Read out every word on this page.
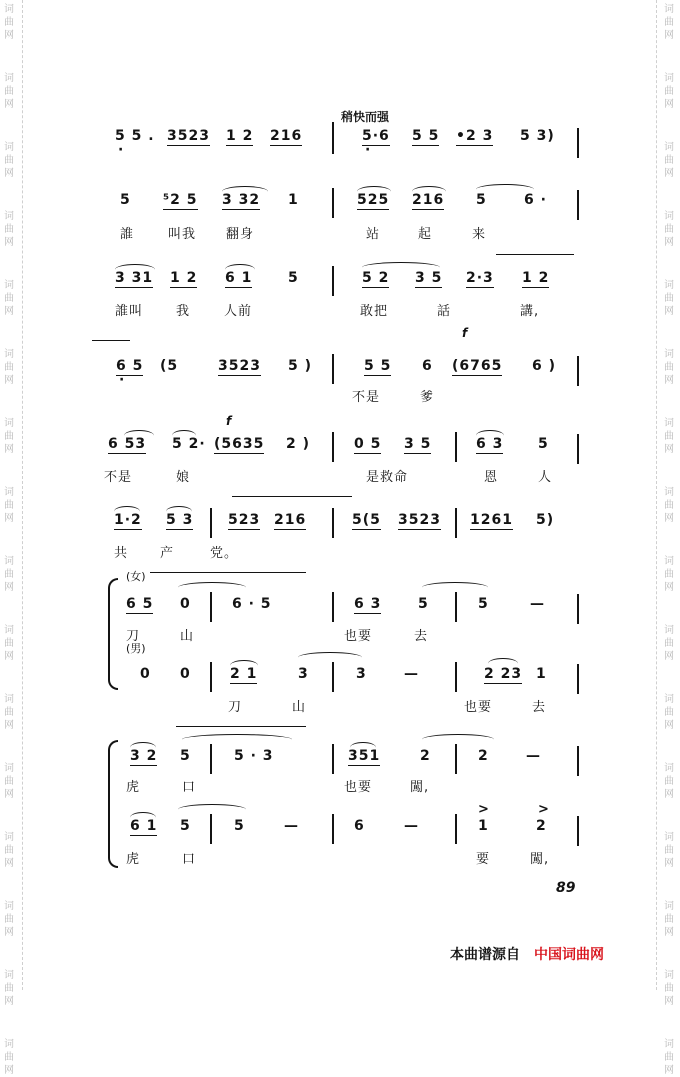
词
曲
网
词
曲
网
词
曲
网
词
曲
网
词
曲
网
词
曲
网
词
曲
网
词
曲
网
词
曲
网
词
曲
网
词
曲
网
词
曲
网
词
曲
网
词
曲
网
词
曲
网
词
曲
网
词
曲
网
词
曲
网
词
曲
网
词
曲
网
词
曲
网
词
曲
网
词
曲
网
词
曲
网
词
曲
网
词
曲
网
词
曲
网
词
曲
网
词
曲
网
词
曲
网
词
曲
网
词
曲
网
稍快而强
5 5 . · 3523 1 2 216	5·6 · 5 5 •2 3 5 3)
5 ⁵2 5 3 32 1	525 216 5	6 ·
誰	叫我 翻身	站	起	来
3 31 1 2 6 1	5	5 2 3 5 2·3 1 2
誰叫	我	人前	敢把	話	講,
f
6 5 · (5	3523 5 )	5 5 6 (6765 6 )
不是	爹
f
6 53 5 2· (5635 2 )	0 5 3 5	6 3 5
不是	娘	是救命	恩	人
1·2 5 3 523 216	5(5 3523 1261 5)
共 产	党。
(女)
6 5 0	6 · 5	6 3	5	5	—
刀	山	也要	去
(男)
0 0	2 1	3	3	—	2 23 1
刀	山	也要	去
3 2 5	5 · 3	351	2	2	—
虎	口	也要	闖,
6 1 5	5	—	6	—
>
1
>
2
虎	口	要	闖,
89
本曲谱源自 中国词曲网
